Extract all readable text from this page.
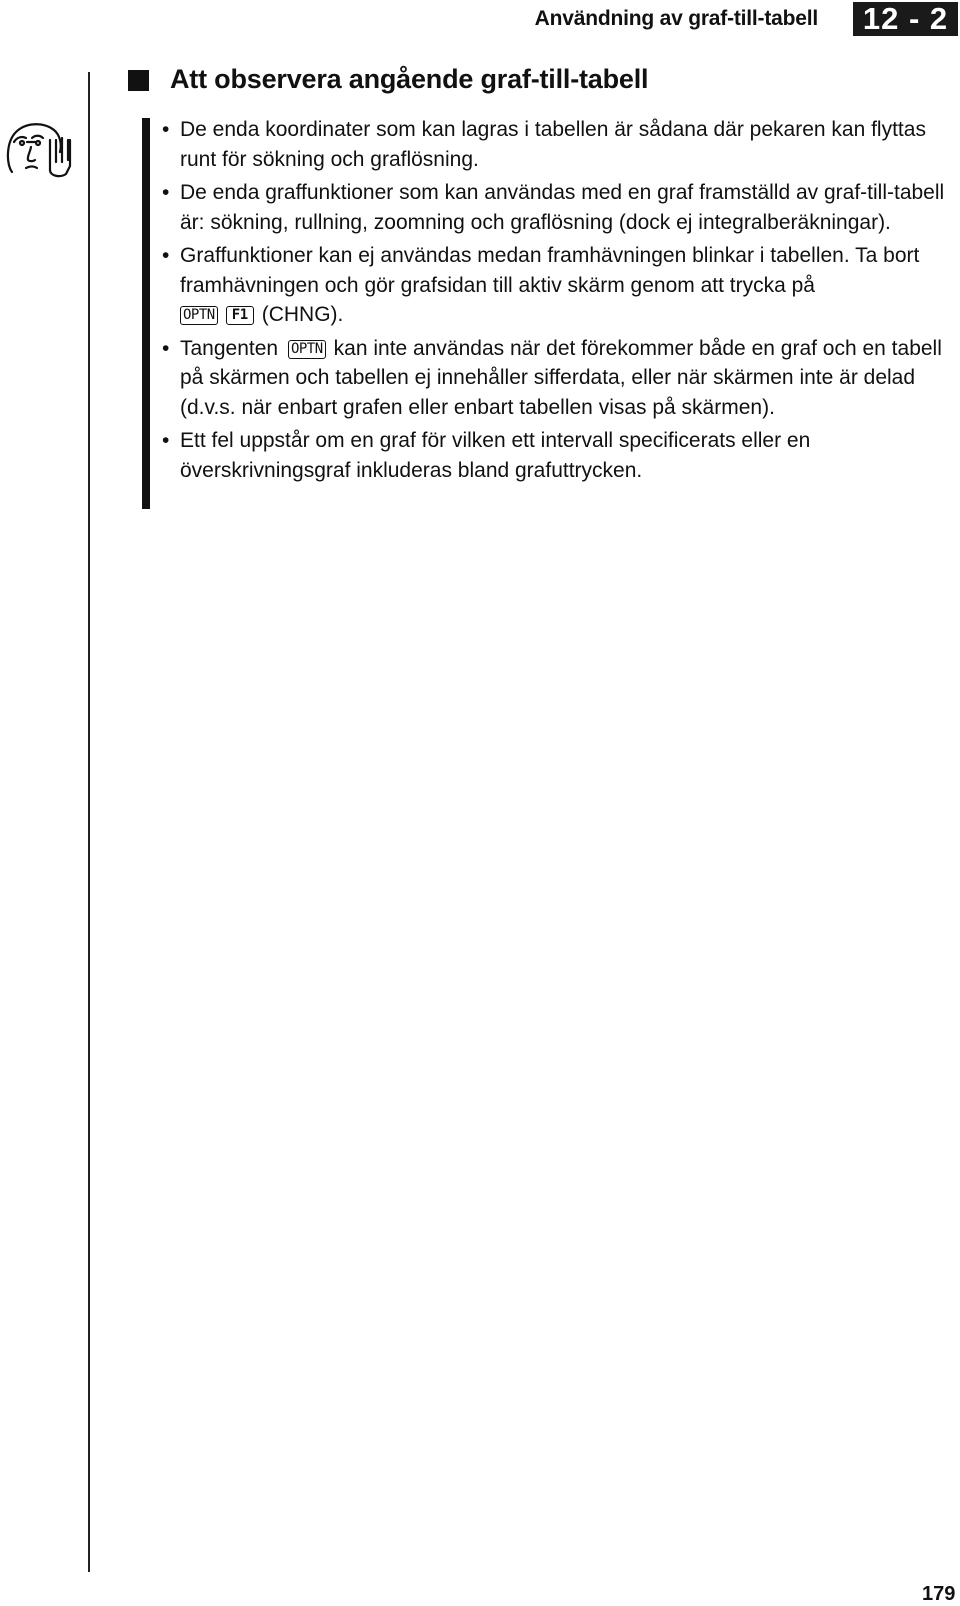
Användning av graf-till-tabell	12 - 2
Att observera angående graf-till-tabell
• De enda koordinater som kan lagras i tabellen är sådana där pekaren kan flyttas runt för sökning och graflösning.
• De enda graffunktioner som kan användas med en graf framställd av graf-till-tabell är: sökning, rullning, zoomning och graflösning (dock ej integralberäkningar).
• Graffunktioner kan ej användas medan framhävningen blinkar i tabellen. Ta bort framhävningen och gör grafsidan till aktiv skärm genom att trycka på
OPTN F1 (CHNG).
• Tangenten OPTN kan inte användas när det förekommer både en graf och en tabell på skärmen och tabellen ej innehåller sifferdata, eller när skärmen inte är delad (d.v.s. när enbart grafen eller enbart tabellen visas på skärmen).
• Ett fel uppstår om en graf för vilken ett intervall specificerats eller en överskrivningsgraf inkluderas bland grafuttrycken.
179
